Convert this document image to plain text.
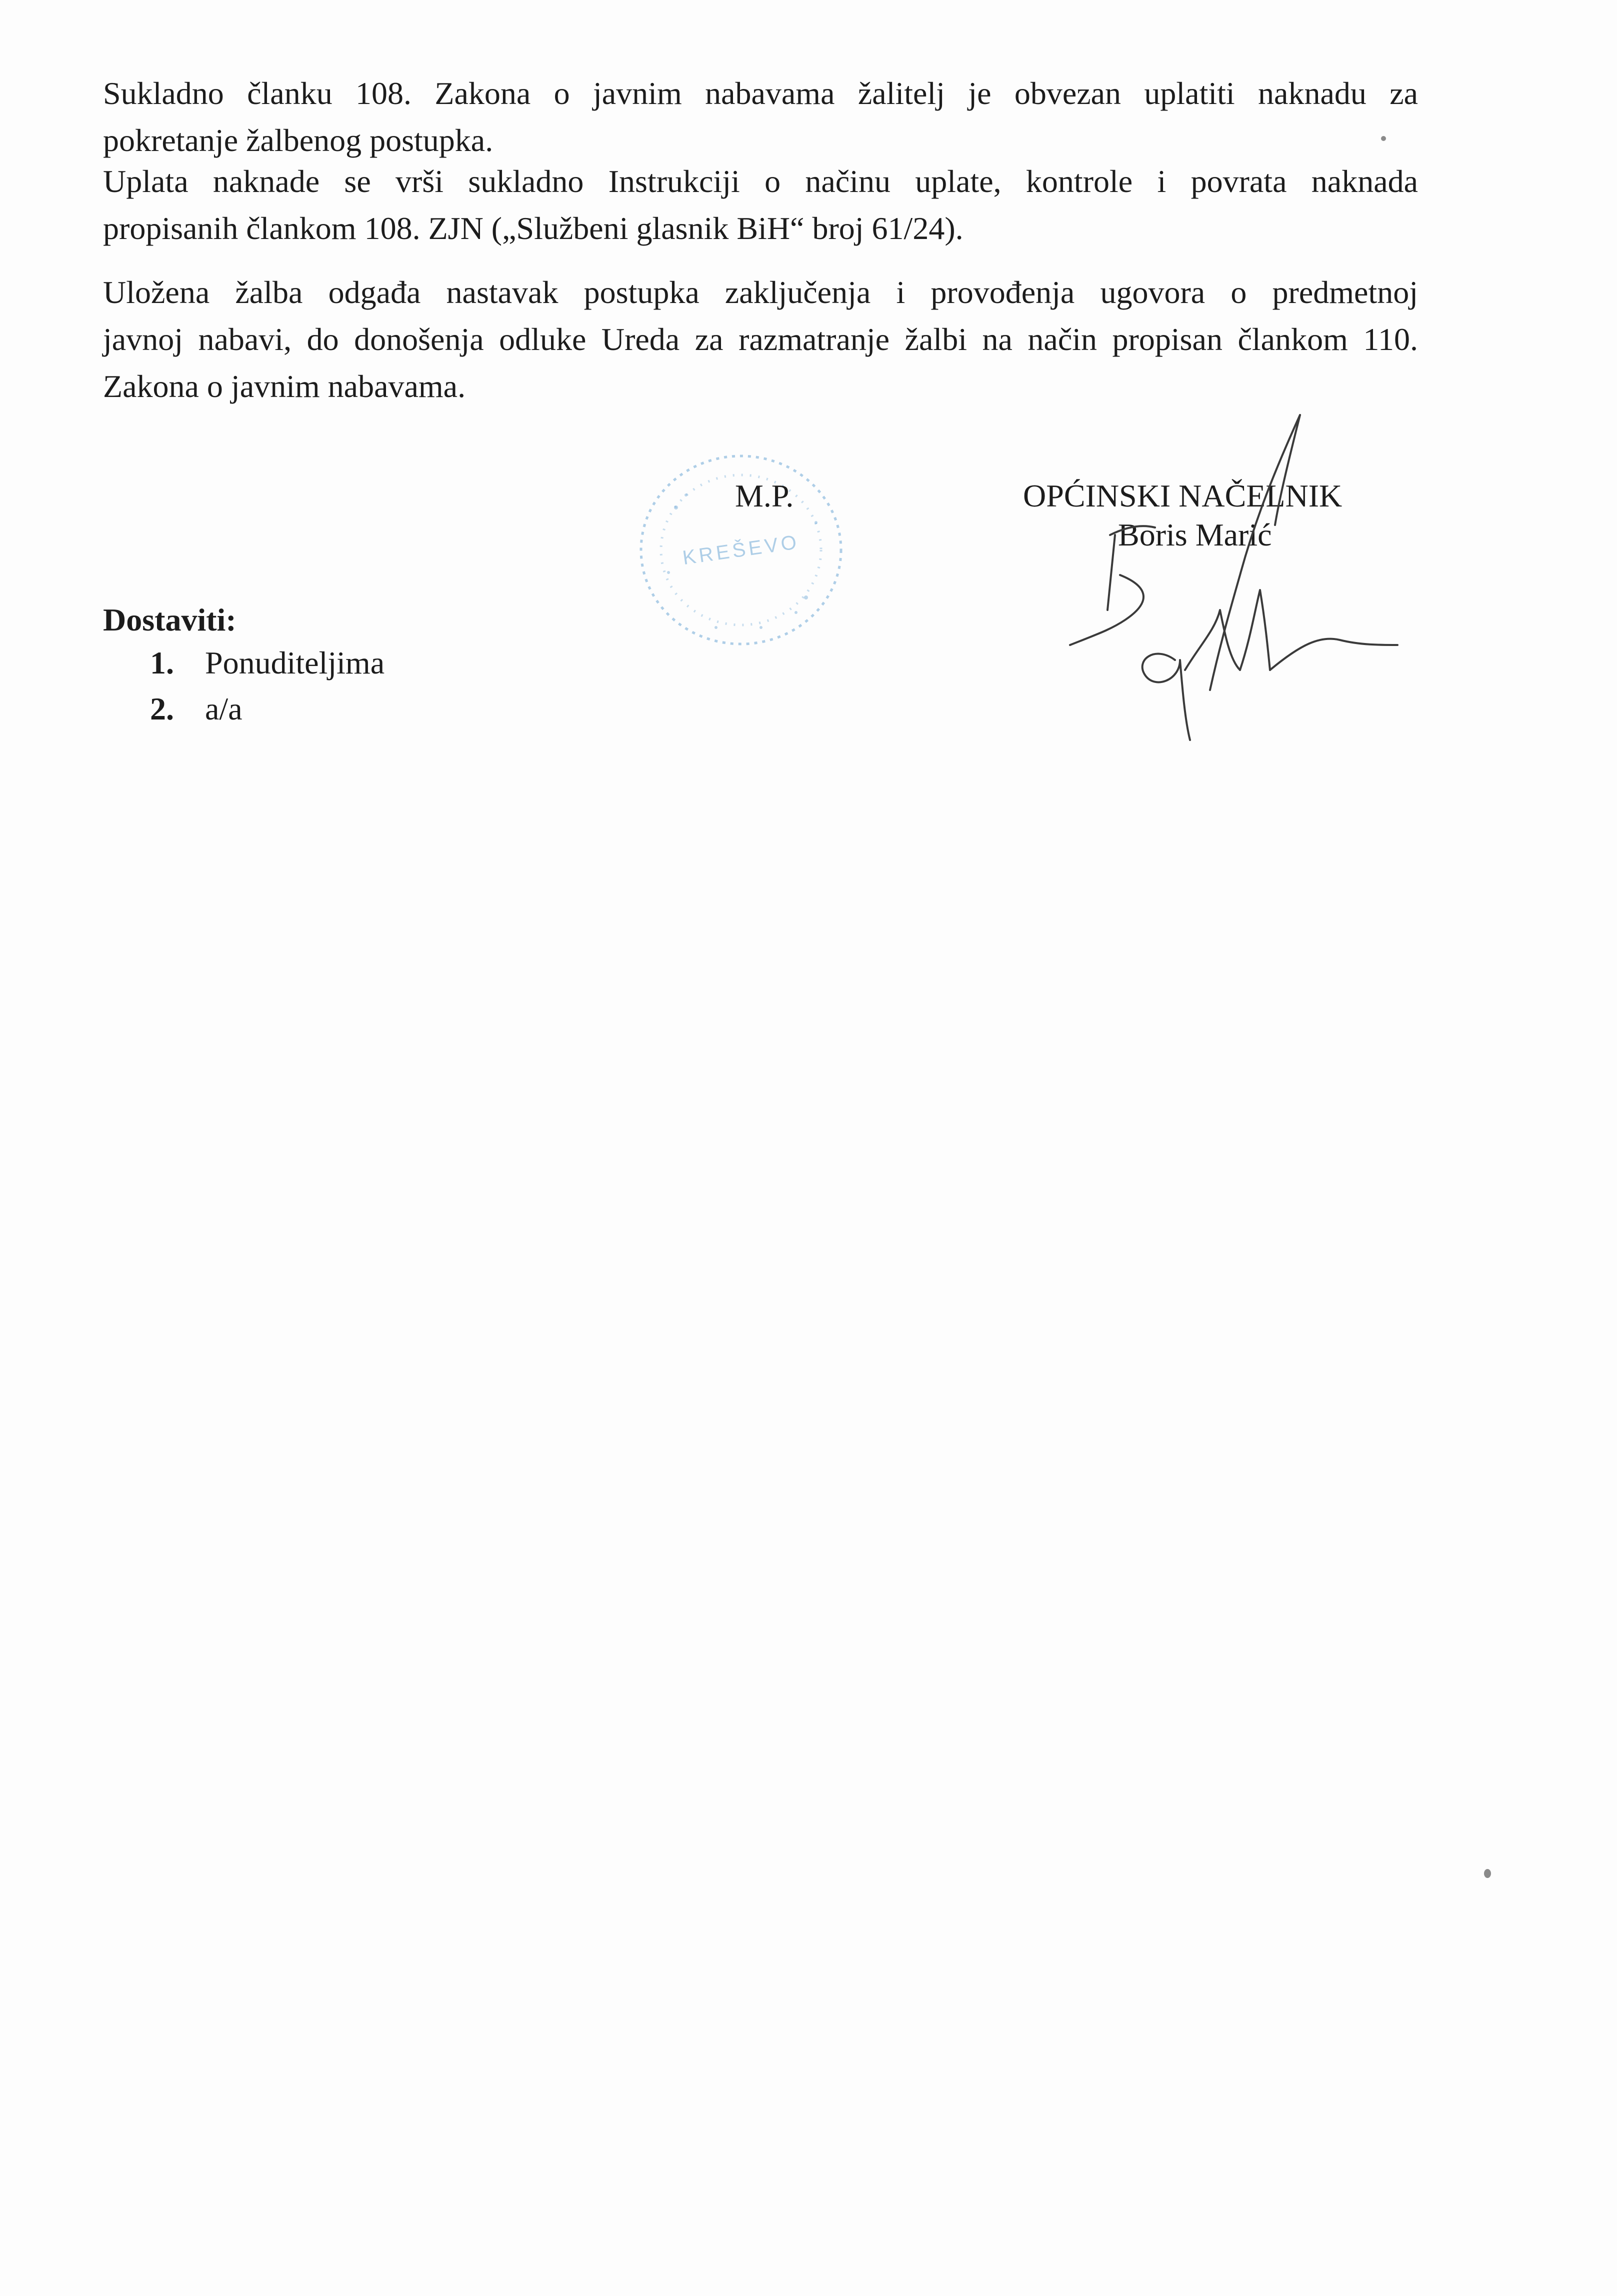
Sukladno članku 108. Zakona o javnim nabavama žalitelj je obvezan uplatiti naknadu za
pokretanje žalbenog postupka.

Uplata naknade se vrši sukladno Instrukciji o načinu uplate, kontrole i povrata naknada
propisanih člankom 108. ZJN („Službeni glasnik BiH“ broj 61/24).

Uložena žalba odgađa nastavak postupka zaključenja i provođenja ugovora o predmetnoj
javnoj nabavi, do donošenja odluke Ureda za razmatranje žalbi na način propisan člankom 110.
Zakona o javnim nabavama.

KREŠEVO
M.P.	OPĆINSKI NAČELNIK
Boris Marić
Dostaviti:
1. Ponuditeljima
2. a/a
